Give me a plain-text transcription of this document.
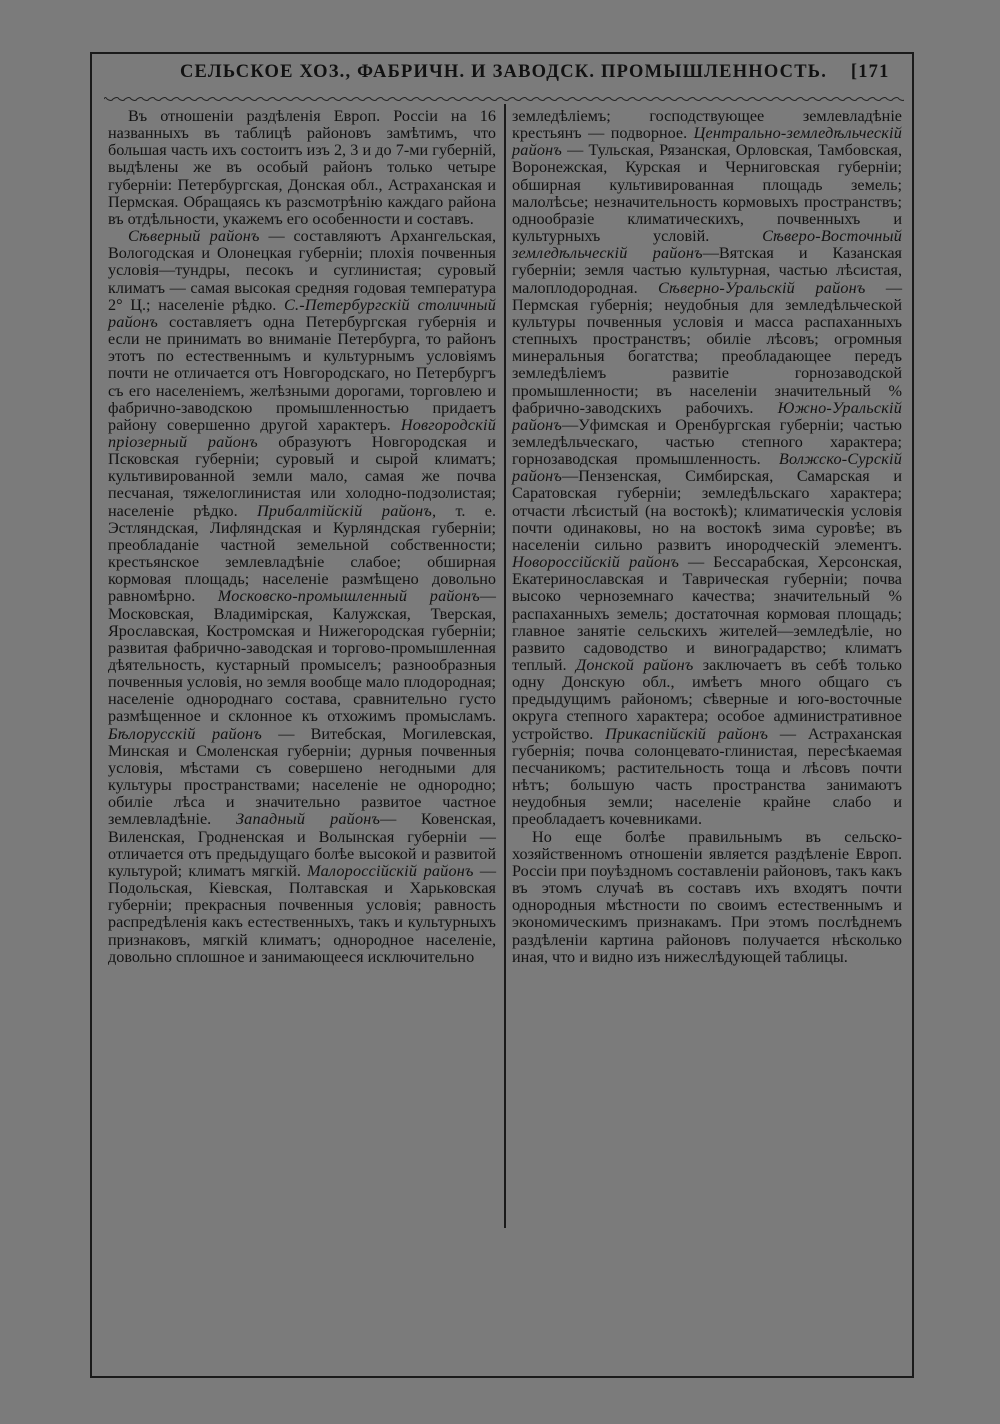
СЕЛЬСКОЕ ХОЗ., ФАБРИЧН. И ЗАВОДСК. ПРОМЫШЛЕННОСТЬ. [171

Въ отношеніи раздѣленія Европ. Россіи на 16 названныхъ въ таблицѣ районовъ замѣтимъ, что большая часть ихъ состоитъ изъ 2, 3 и до 7-ми губерній, выдѣлены же въ особый районъ только четыре губерніи: Петербургская, Донская обл., Астраханская и Пермская. Обращаясь къ разсмотрѣнію каждаго района въ отдѣльности, укажемъ его особенности и составъ.

Сѣверный районъ — составляютъ Архангельская, Вологодская и Олонецкая губерніи; плохія почвенныя условія—тундры, песокъ и суглинистая; суровый климатъ — самая высокая средняя годовая температура 2° Ц.; населеніе рѣдко. С.-Петербургскій столичный районъ составляетъ одна Петербургская губернія и если не принимать во вниманіе Петербурга, то районъ этотъ по естественнымъ и культурнымъ условіямъ почти не отличается отъ Новгородскаго, но Петербургъ съ его населеніемъ, желѣзными дорогами, торговлею и фабрично-заводскою промышленностью придаетъ району совершенно другой характеръ. Новгородскій пріозерный районъ образуютъ Новгородская и Псковская губерніи; суровый и сырой климатъ; культивированной земли мало, самая же почва песчаная, тяжелоглинистая или холодно-подзолистая; населеніе рѣдко. Прибалтійскій районъ, т. е. Эстляндская, Лифляндская и Курляндская губерніи; преобладаніе частной земельной собственности; крестьянское землевладѣніе слабое; обширная кормовая площадь; населеніе размѣщено довольно равномѣрно. Московско-промышленный районъ—Московская, Владимірская, Калужская, Тверская, Ярославская, Костромская и Нижегородская губерніи; развитая фабрично-заводская и торгово-промышленная дѣятельность, кустарный промыселъ; разнообразныя почвенныя условія, но земля вообще мало плодородная; населеніе однороднаго состава, сравнительно густо размѣщенное и склонное къ отхожимъ промысламъ. Бѣлорусскій районъ — Витебская, Могилевская, Минская и Смоленская губерніи; дурныя почвенныя условія, мѣстами съ совершено негодными для культуры пространствами; населеніе не однородно; обиліе лѣса и значительно развитое частное землевладѣніе. Западный районъ— Ковенская, Виленская, Гродненская и Волынская губерніи — отличается отъ предыдущаго болѣе высокой и развитой культурой; климатъ мягкій. Малороссійскій районъ — Подольская, Кіевская, Полтавская и Харьковская губерніи; прекрасныя почвенныя условія; равность распредѣленія какъ естественныхъ, такъ и культурныхъ признаковъ, мягкій климатъ; однородное населеніе, довольно сплошное и занимающееся исключительно

земледѣліемъ; господствующее землевладѣніе крестьянъ — подворное. Центрально-земледѣльческій районъ — Тульская, Рязанская, Орловская, Тамбовская, Воронежская, Курская и Черниговская губерніи; обширная культивированная площадь земель; малолѣсье; незначительность кормовыхъ пространствъ; однообразіе климатическихъ, почвенныхъ и культурныхъ условій. Сѣверо-Восточный земледѣльческій районъ—Вятская и Казанская губерніи; земля частью культурная, частью лѣсистая, малоплодородная. Сѣверно-Уральскій районъ — Пермская губернія; неудобныя для земледѣльческой культуры почвенныя условія и масса распаханныхъ степныхъ пространствъ; обиліе лѣсовъ; огромныя минеральныя богатства; преобладающее передъ земледѣліемъ развитіе горнозаводской промышленности; въ населеніи значительный % фабрично-заводскихъ рабочихъ. Южно-Уральскій районъ—Уфимская и Оренбургская губерніи; частью земледѣльческаго, частью степного характера; горнозаводская промышленность. Волжско-Сурскій районъ—Пензенская, Симбирская, Самарская и Саратовская губерніи; земледѣльскаго характера; отчасти лѣсистый (на востокѣ); климатическія условія почти одинаковы, но на востокѣ зима суровѣе; въ населеніи сильно развитъ инородческій элементъ. Новороссійскій районъ — Бессарабская, Херсонская, Екатеринославская и Таврическая губерніи; почва высоко черноземнаго качества; значительный % распаханныхъ земель; достаточная кормовая площадь; главное занятіе сельскихъ жителей—земледѣліе, но развито садоводство и виноградарство; климатъ теплый. Донской районъ заключаетъ въ себѣ только одну Донскую обл., имѣетъ много общаго съ предыдущимъ райономъ; сѣверные и юго-восточные округа степного характера; особое административное устройство. Прикаспійскій районъ — Астраханская губернія; почва солонцевато-глинистая, пересѣкаемая песчаникомъ; растительность тоща и лѣсовъ почти нѣтъ; большую часть пространства занимаютъ неудобныя земли; населеніе крайне слабо и преобладаетъ кочевниками.

Но еще болѣе правильнымъ въ сельско-хозяйственномъ отношеніи является раздѣленіе Европ. Россіи при поуѣздномъ составленіи районовъ, такъ какъ въ этомъ случаѣ въ составъ ихъ входятъ почти однородныя мѣстности по своимъ естественнымъ и экономическимъ признакамъ. При этомъ послѣднемъ раздѣленіи картина районовъ получается нѣсколько иная, что и видно изъ нижеслѣдующей таблицы.
